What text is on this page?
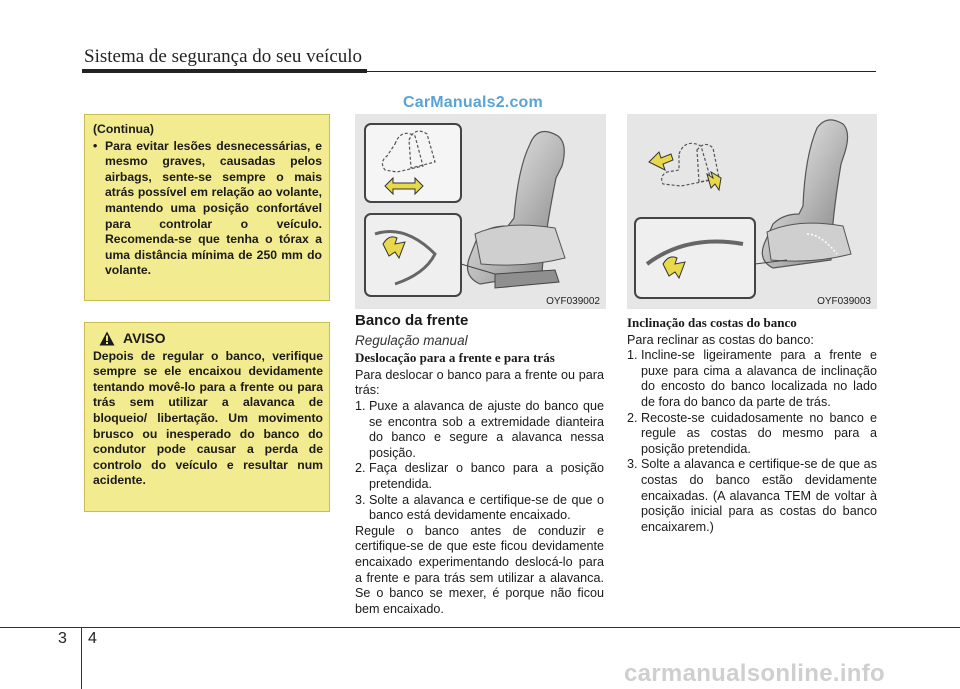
Sistema de segurança do seu veículo
CarManuals2.com
(Continua)
• Para evitar lesões desnecessárias, e mesmo graves, causadas pelos airbags, sente-se sempre o mais atrás possível em relação ao volante, mantendo uma posição confortável para controlar o veículo. Recomenda-se que tenha o tórax a uma distância mínima de 250 mm do volante.
AVISO
Depois de regular o banco, verifique sempre se ele encaixou devidamente tentando movê-lo para a frente ou para trás sem utilizar a alavanca de bloqueio/ libertação. Um movimento brusco ou inesperado do banco do condutor pode causar a perda de controlo do veículo e resultar num acidente.
OYF039002	OYF039003
Banco da frente
Regulação manual
Deslocação para a frente e para trás
Para deslocar o banco para a frente ou para trás:
1. Puxe a alavanca de ajuste do banco que se encontra sob a extremidade dianteira do banco e segure a alavanca nessa posição.
2. Faça deslizar o banco para a posição pretendida.
3. Solte a alavanca e certifique-se de que o banco está devidamente encaixado.
Regule o banco antes de conduzir e certifique-se de que este ficou devidamente encaixado experimentando deslocá-lo para a frente e para trás sem utilizar a alavanca. Se o banco se mexer, é porque não ficou bem encaixado.
Inclinação das costas do banco
Para reclinar as costas do banco:
1. Incline-se ligeiramente para a frente e puxe para cima a alavanca de inclinação do encosto do banco localizada no lado de fora do banco da parte de trás.
2. Recoste-se cuidadosamente no banco e regule as costas do mesmo para a posição pretendida.
3. Solte a alavanca e certifique-se de que as costas do banco estão devidamente encaixadas. (A alavanca TEM de voltar à posição inicial para as costas do banco encaixarem.)
3 4
carmanualsonline.info
